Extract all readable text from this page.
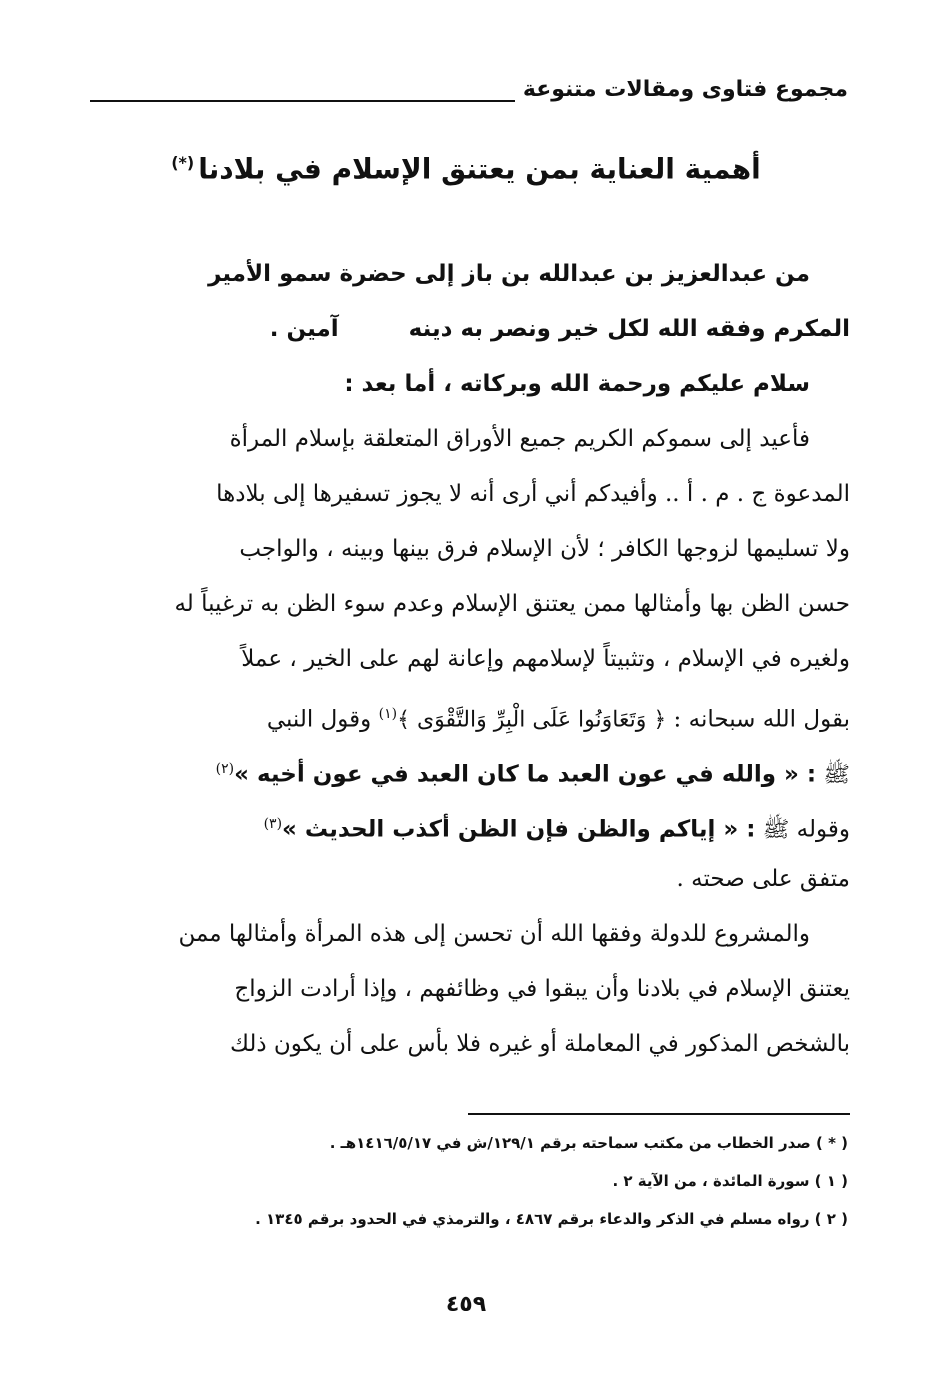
مجموع فتاوى ومقالات متنوعة
أهمية العناية بمن يعتنق الإسلام في بلادنا(*)
من عبدالعزيز بن عبدالله بن باز إلى حضرة سمو الأمير
المكرم وفقه الله لكل خير ونصر به دينهآمين .
سلام عليكم ورحمة الله وبركاته ، أما بعد :
فأعيد إلى سموكم الكريم جميع الأوراق المتعلقة بإسلام المرأة
المدعوة ج . م . أ .. وأفيدكم أني أرى أنه لا يجوز تسفيرها إلى بلادها
ولا تسليمها لزوجها الكافر ؛ لأن الإسلام فرق بينها وبينه ، والواجب
حسن الظن بها وأمثالها ممن يعتنق الإسلام وعدم سوء الظن به ترغيباً له
ولغيره في الإسلام ، وتثبيتاً لإسلامهم وإعانة لهم على الخير ، عملاً
بقول الله سبحانه : ﴿ وَتَعَاوَنُوا عَلَى الْبِرِّ وَالتَّقْوَى ﴾$^{(١)}$ وقول النبي
ﷺ : « والله في عون العبد ما كان العبد في عون أخيه »$^{(٢)}$
وقوله ﷺ : « إياكم والظن فإن الظن أكذب الحديث »$^{(٣)}$
متفق على صحته .
والمشروع للدولة وفقها الله أن تحسن إلى هذه المرأة وأمثالها ممن
يعتنق الإسلام في بلادنا وأن يبقوا في وظائفهم ، وإذا أرادت الزواج
بالشخص المذكور في المعاملة أو غيره فلا بأس على أن يكون ذلك
( * ) صدر الخطاب من مكتب سماحته برقم ١٢٩/١/ش في ١٤١٦/٥/١٧هـ .
( ١ ) سورة المائدة ، من الآية ٢ .
( ٢ ) رواه مسلم في الذكر والدعاء برقم ٤٨٦٧ ، والترمذي في الحدود برقم ١٣٤٥ .
٤٥٩
